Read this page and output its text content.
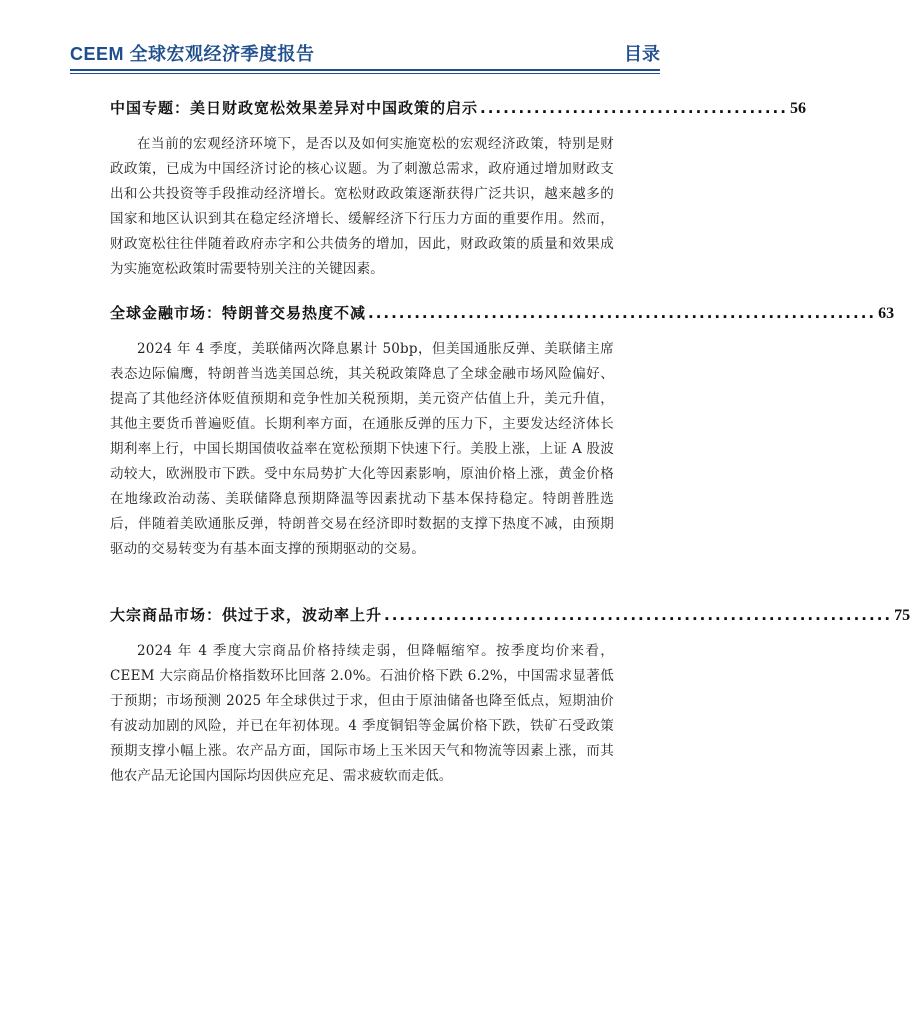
CEEM 全球宏观经济季度报告	目录
中国专题：美日财政宽松效果差异对中国政策的启示 ........................................ 56
在当前的宏观经济环境下，是否以及如何实施宽松的宏观经济政策，特别是财政政策，已成为中国经济讨论的核心议题。为了刺激总需求，政府通过增加财政支出和公共投资等手段推动经济增长。宽松财政政策逐渐获得广泛共识，越来越多的国家和地区认识到其在稳定经济增长、缓解经济下行压力方面的重要作用。然而，财政宽松往往伴随着政府赤字和公共债务的增加，因此，财政政策的质量和效果成为实施宽松政策时需要特别关注的关键因素。
全球金融市场：特朗普交易热度不减 .................................................................. 63
2024 年 4 季度，美联储两次降息累计 50bp，但美国通胀反弹、美联储主席表态边际偏鹰，特朗普当选美国总统，其关税政策降息了全球金融市场风险偏好、提高了其他经济体贬值预期和竞争性加关税预期，美元资产估值上升，美元升值，其他主要货币普遍贬值。长期利率方面，在通胀反弹的压力下，主要发达经济体长期利率上行，中国长期国债收益率在宽松预期下快速下行。美股上涨，上证 A 股波动较大，欧洲股市下跌。受中东局势扩大化等因素影响，原油价格上涨，黄金价格在地缘政治动荡、美联储降息预期降温等因素扰动下基本保持稳定。特朗普胜选后，伴随着美欧通胀反弹，特朗普交易在经济即时数据的支撑下热度不减，由预期驱动的交易转变为有基本面支撑的预期驱动的交易。
大宗商品市场：供过于求，波动率上升 .................................................................. 75
2024 年 4 季度大宗商品价格持续走弱，但降幅缩窄。按季度均价来看，CEEM 大宗商品价格指数环比回落 2.0%。石油价格下跌 6.2%，中国需求显著低于预期；市场预测 2025 年全球供过于求，但由于原油储备也降至低点，短期油价有波动加剧的风险，并已在年初体现。4 季度铜铝等金属价格下跌，铁矿石受政策预期支撑小幅上涨。农产品方面，国际市场上玉米因天气和物流等因素上涨，而其他农产品无论国内国际均因供应充足、需求疲软而走低。
